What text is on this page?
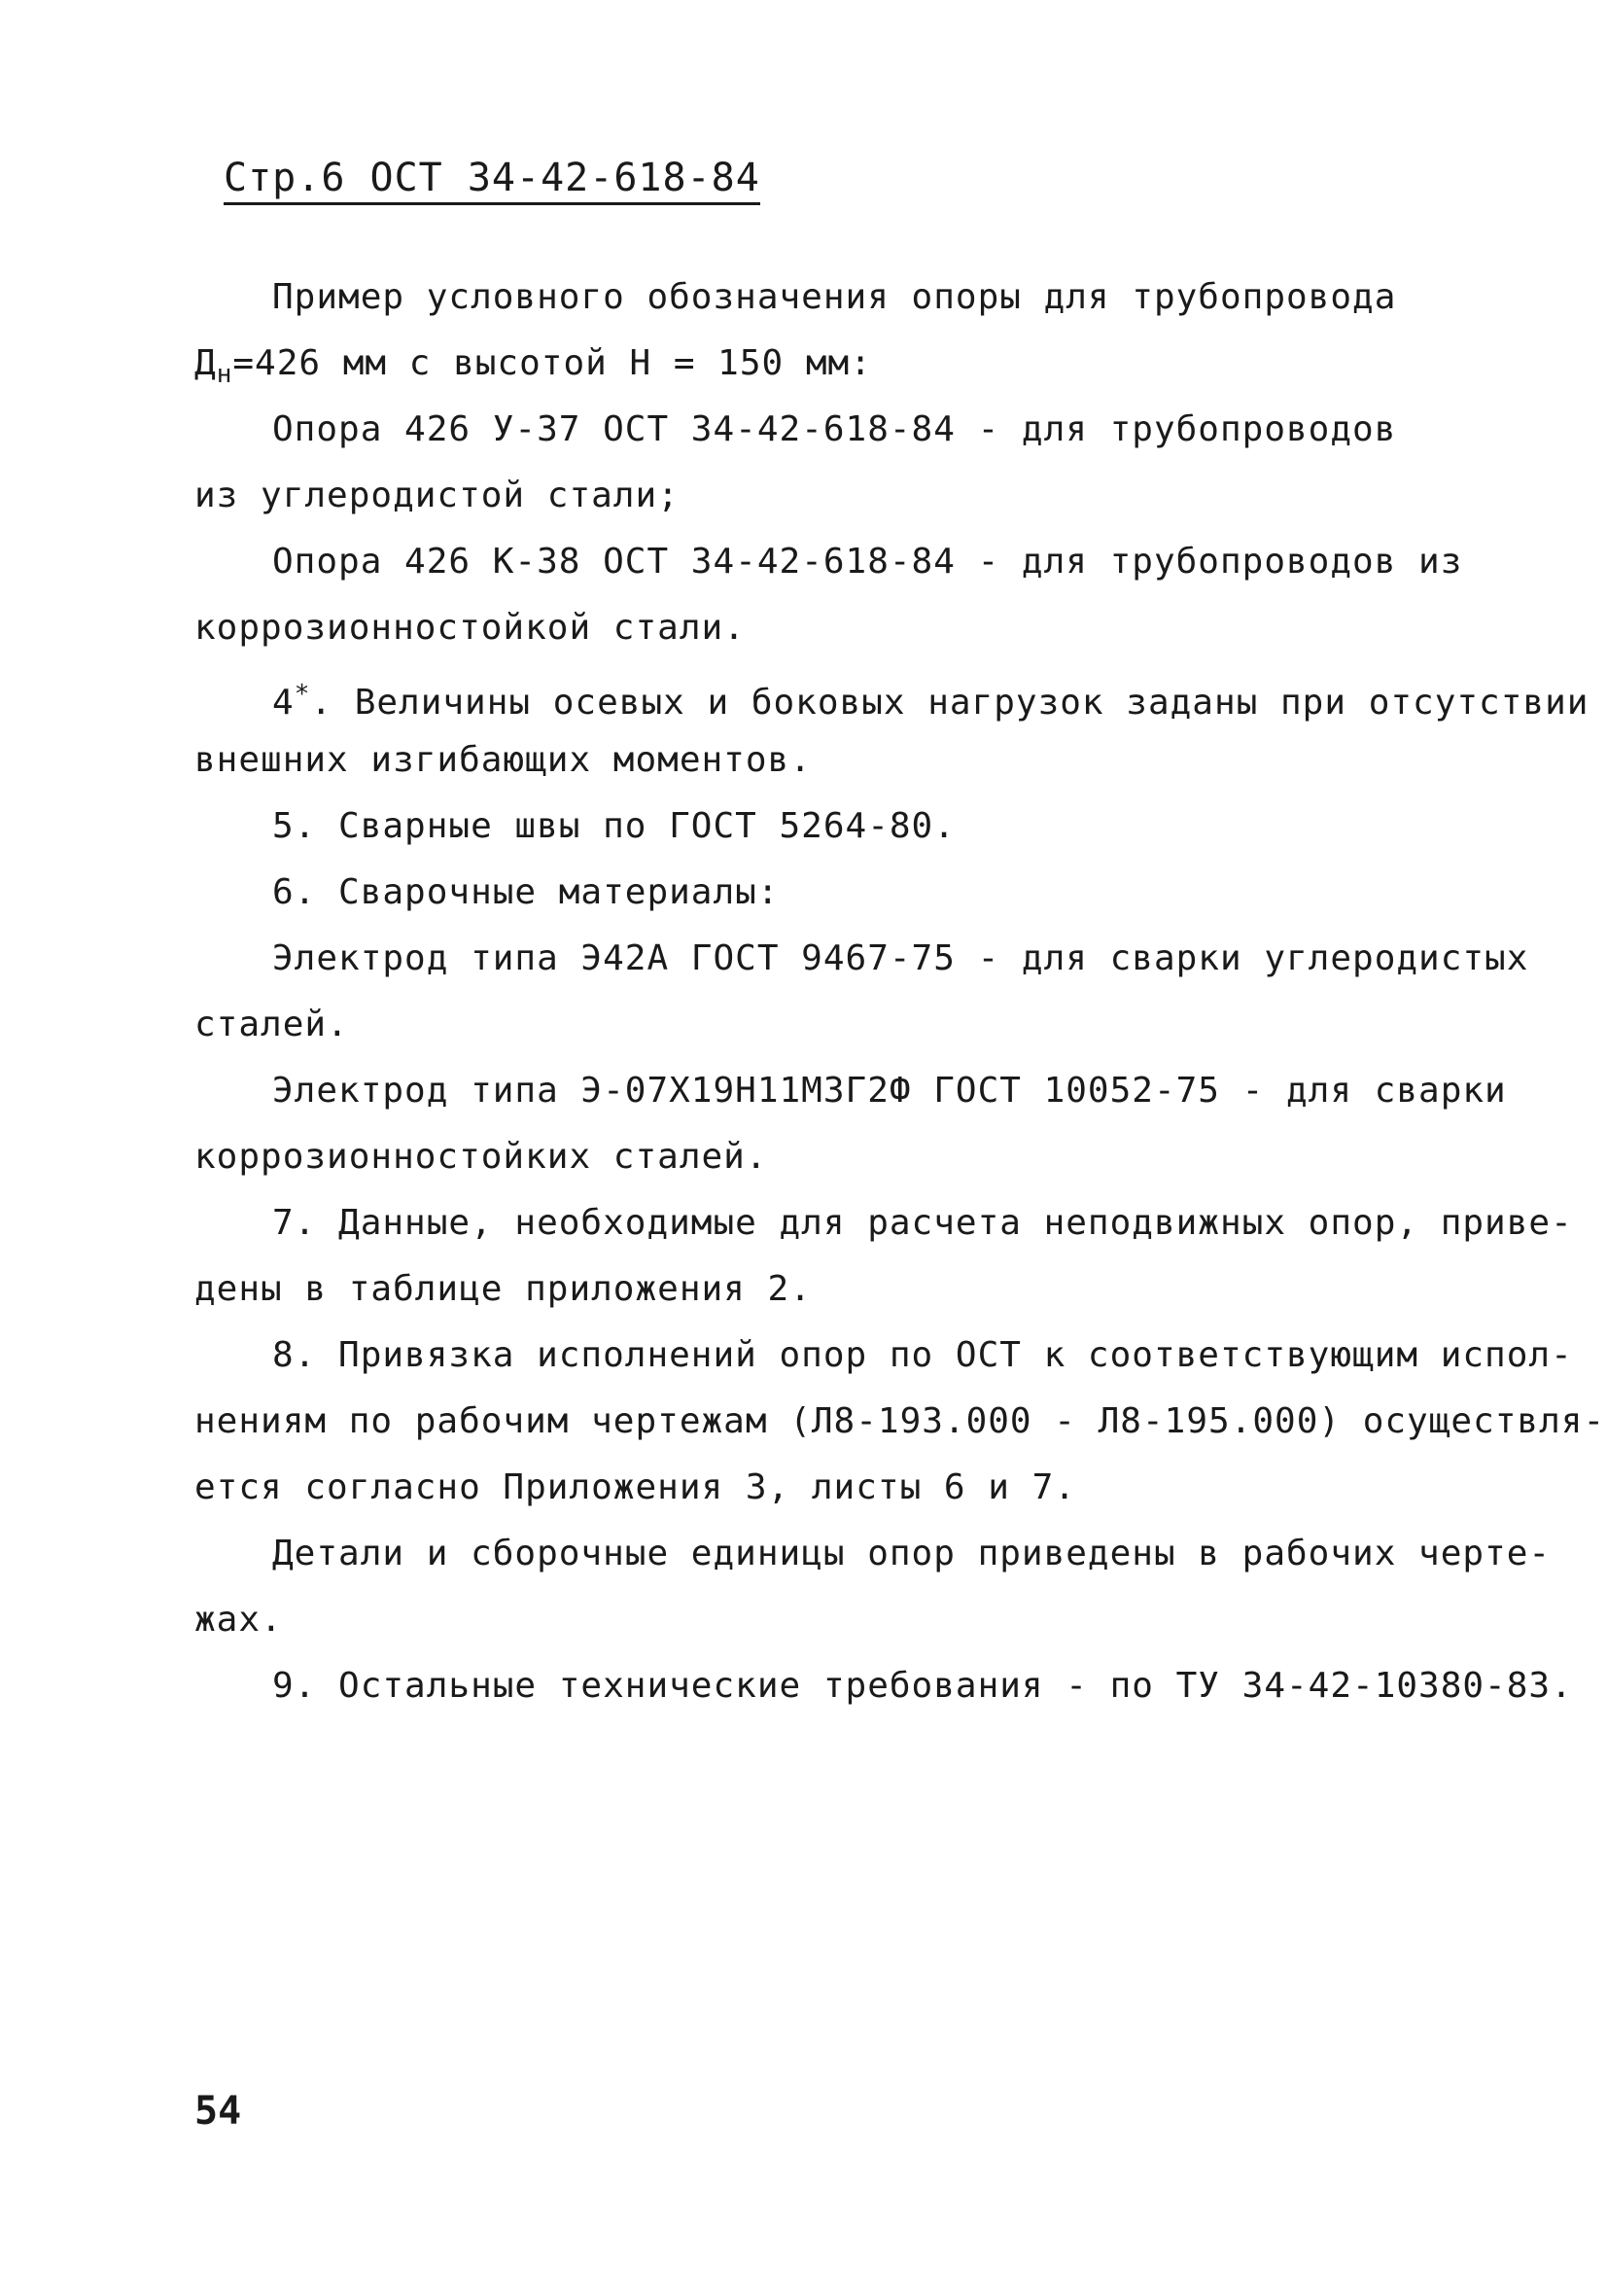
Стр.6 ОСТ 34-42-618-84
Пример условного обозначения опоры для трубопровода
$Д_н=426$ мм с высотой Н = 150 мм:
Опора 426 У-37 ОСТ 34-42-618-84 - для трубопроводов
из углеродистой стали;
Опора 426 К-38 ОСТ 34-42-618-84 - для трубопроводов из
коррозионностойкой стали.
4*. Величины осевых и боковых нагрузок заданы при отсутствии
внешних изгибающих моментов.
5. Сварные швы по ГОСТ 5264-80.
6. Сварочные материалы:
Электрод типа Э42А ГОСТ 9467-75 - для сварки углеродистых
сталей.
Электрод типа Э-07Х19Н11М3Г2Ф ГОСТ 10052-75 - для сварки
коррозионностойких сталей.
7. Данные, необходимые для расчета неподвижных опор, приве-
дены в таблице приложения 2.
8. Привязка исполнений опор по ОСТ к соответствующим испол-
нениям по рабочим чертежам (Л8-193.000 - Л8-195.000) осуществля-
ется согласно Приложения 3, листы 6 и 7.
Детали и сборочные единицы опор приведены в рабочих черте-
жах.
9. Остальные технические требования - по ТУ 34-42-10380-83.
54
